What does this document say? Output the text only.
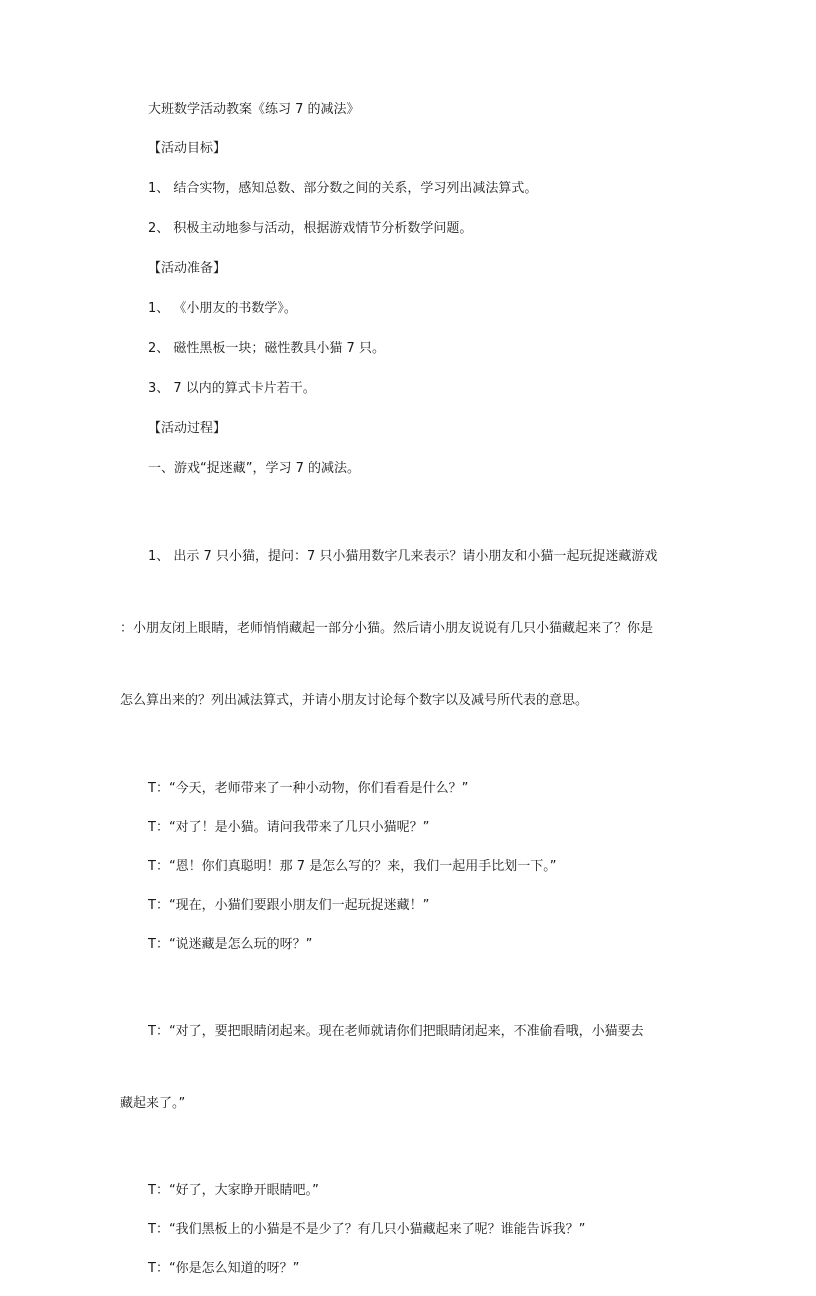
大班数学活动教案《练习 7 的减法》

【活动目标】

1、 结合实物，感知总数、部分数之间的关系，学习列出减法算式。

2、 积极主动地参与活动，根据游戏情节分析数学问题。

【活动准备】

1、 《小朋友的书数学》。

2、 磁性黑板一块；磁性教具小猫 7 只。

3、 7 以内的算式卡片若干。

【活动过程】

一、游戏“捉迷藏”，学习 7 的减法。

1、 出示 7 只小猫，提问：7 只小猫用数字几来表示？请小朋友和小猫一起玩捉迷藏游戏

：小朋友闭上眼睛，老师悄悄藏起一部分小猫。然后请小朋友说说有几只小猫藏起来了？你是

怎么算出来的？列出减法算式，并请小朋友讨论每个数字以及减号所代表的意思。

T：“今天，老师带来了一种小动物，你们看看是什么？”

T：“对了！是小猫。请问我带来了几只小猫呢？”

T：“恩！你们真聪明！那 7 是怎么写的？来，我们一起用手比划一下。”

T：“现在，小猫们要跟小朋友们一起玩捉迷藏！”

T：“说迷藏是怎么玩的呀？”

T：“对了，要把眼睛闭起来。现在老师就请你们把眼睛闭起来，不准偷看哦，小猫要去

藏起来了。”

T：“好了，大家睁开眼睛吧。”

T：“我们黑板上的小猫是不是少了？有几只小猫藏起来了呢？谁能告诉我？”

T：“你是怎么知道的呀？”
